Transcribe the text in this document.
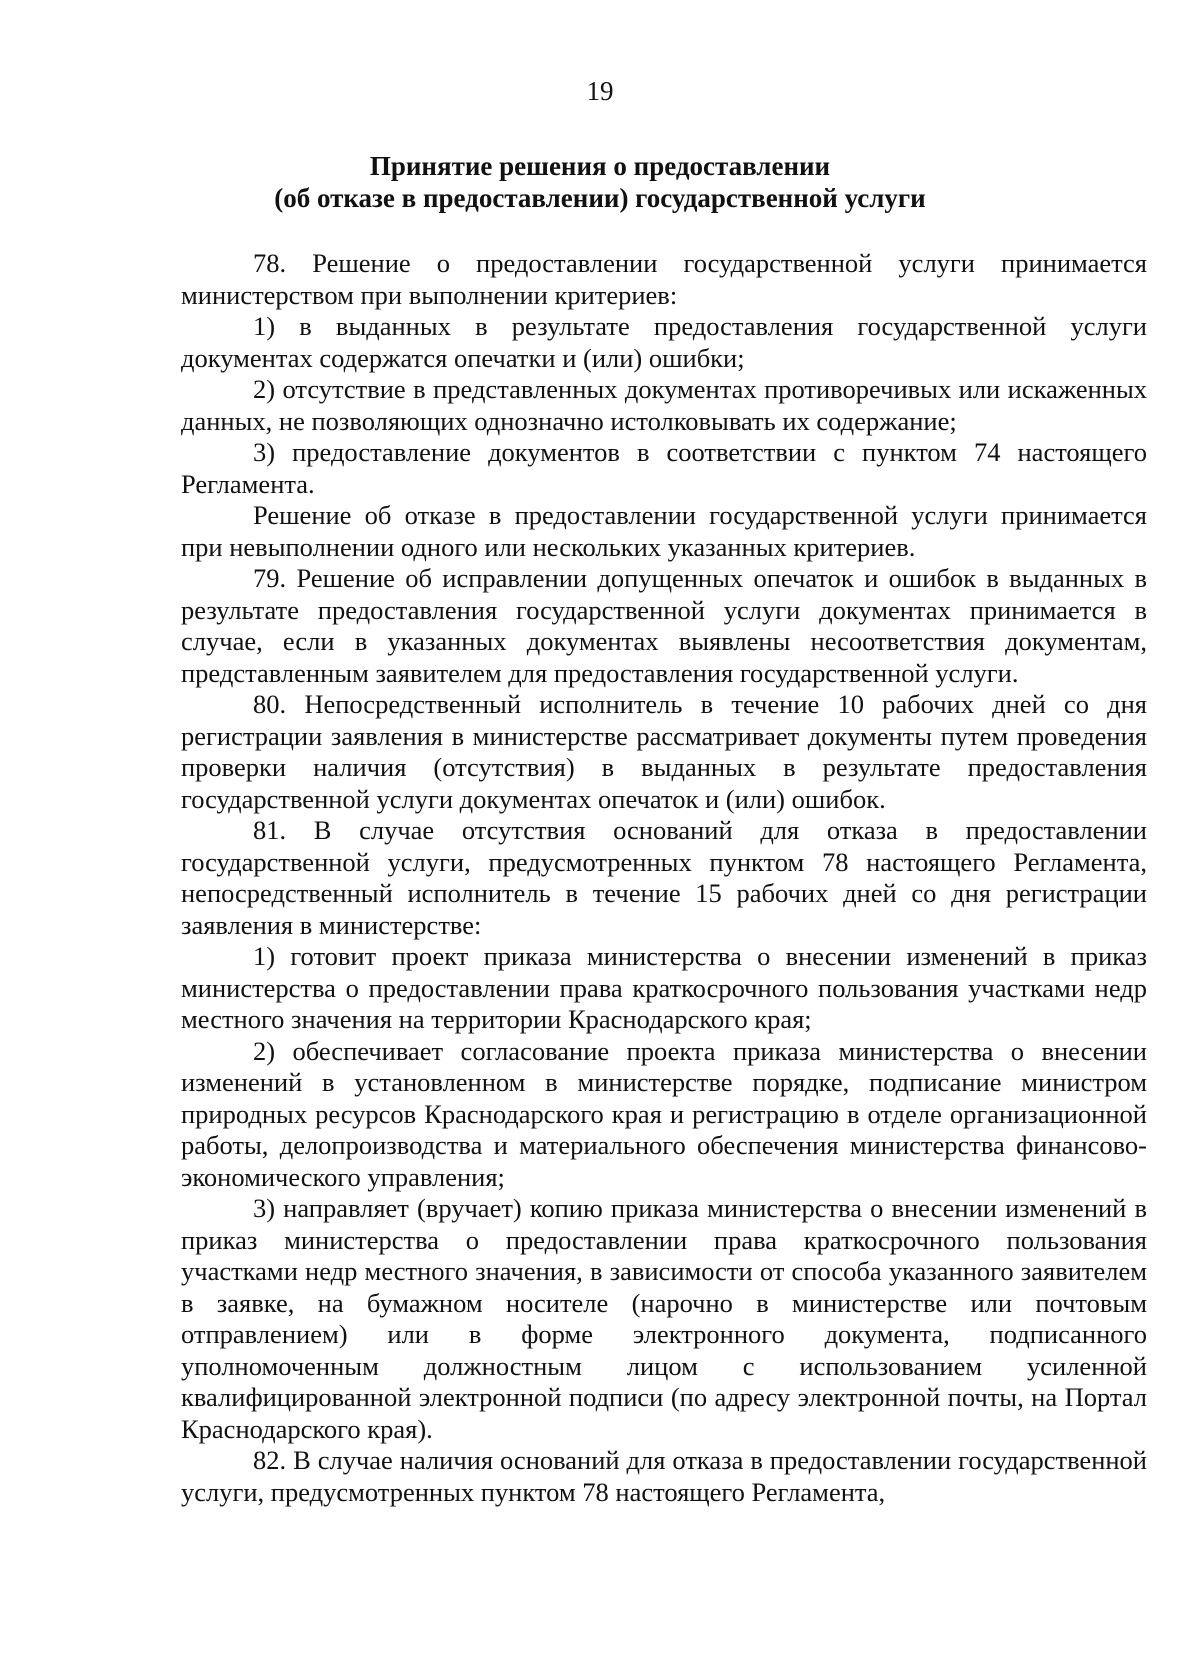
19
Принятие решения о предоставлении
(об отказе в предоставлении) государственной услуги

78. Решение о предоставлении государственной услуги принимается министерством при выполнении критериев:

1) в выданных в результате предоставления государственной услуги документах содержатся опечатки и (или) ошибки;

2) отсутствие в представленных документах противоречивых или искаженных данных, не позволяющих однозначно истолковывать их содержание;

3) предоставление документов в соответствии с пунктом 74 настоящего Регламента.

Решение об отказе в предоставлении государственной услуги принимается при невыполнении одного или нескольких указанных критериев.

79. Решение об исправлении допущенных опечаток и ошибок в выданных в результате предоставления государственной услуги документах принимается в случае, если в указанных документах выявлены несоответствия документам, представленным заявителем для предоставления государственной услуги.

80. Непосредственный исполнитель в течение 10 рабочих дней со дня регистрации заявления в министерстве рассматривает документы путем проведения проверки наличия (отсутствия) в выданных в результате предоставления государственной услуги документах опечаток и (или) ошибок.

81. В случае отсутствия оснований для отказа в предоставлении государственной услуги, предусмотренных пунктом 78 настоящего Регламента, непосредственный исполнитель в течение 15 рабочих дней со дня регистрации заявления в министерстве:

1) готовит проект приказа министерства о внесении изменений в приказ министерства о предоставлении права краткосрочного пользования участками недр местного значения на территории Краснодарского края;

2) обеспечивает согласование проекта приказа министерства о внесении изменений в установленном в министерстве порядке, подписание министром природных ресурсов Краснодарского края и регистрацию в отделе организационной работы, делопроизводства и материального обеспечения министерства финансово-экономического управления;

3) направляет (вручает) копию приказа министерства о внесении изменений в приказ министерства о предоставлении права краткосрочного пользования участками недр местного значения, в зависимости от способа указанного заявителем в заявке, на бумажном носителе (нарочно в министерстве или почтовым отправлением) или в форме электронного документа, подписанного уполномоченным должностным лицом с использованием усиленной квалифицированной электронной подписи (по адресу электронной почты, на Портал Краснодарского края).

82. В случае наличия оснований для отказа в предоставлении государственной услуги, предусмотренных пунктом 78 настоящего Регламента,
